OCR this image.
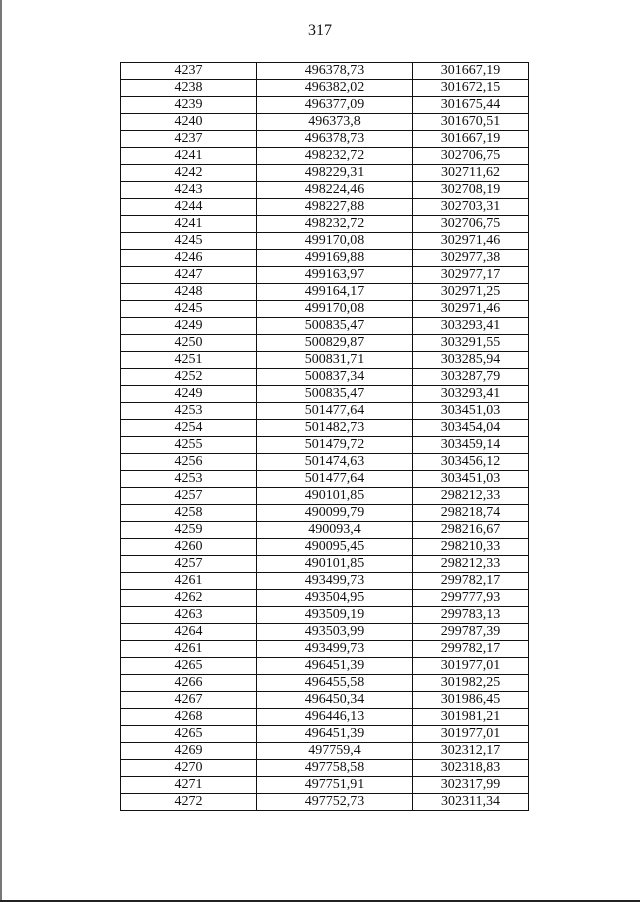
317
4237	496378,73	301667,19
4238	496382,02	301672,15
4239	496377,09	301675,44
4240	496373,8	301670,51
4237	496378,73	301667,19
4241	498232,72	302706,75
4242	498229,31	302711,62
4243	498224,46	302708,19
4244	498227,88	302703,31
4241	498232,72	302706,75
4245	499170,08	302971,46
4246	499169,88	302977,38
4247	499163,97	302977,17
4248	499164,17	302971,25
4245	499170,08	302971,46
4249	500835,47	303293,41
4250	500829,87	303291,55
4251	500831,71	303285,94
4252	500837,34	303287,79
4249	500835,47	303293,41
4253	501477,64	303451,03
4254	501482,73	303454,04
4255	501479,72	303459,14
4256	501474,63	303456,12
4253	501477,64	303451,03
4257	490101,85	298212,33
4258	490099,79	298218,74
4259	490093,4	298216,67
4260	490095,45	298210,33
4257	490101,85	298212,33
4261	493499,73	299782,17
4262	493504,95	299777,93
4263	493509,19	299783,13
4264	493503,99	299787,39
4261	493499,73	299782,17
4265	496451,39	301977,01
4266	496455,58	301982,25
4267	496450,34	301986,45
4268	496446,13	301981,21
4265	496451,39	301977,01
4269	497759,4	302312,17
4270	497758,58	302318,83
4271	497751,91	302317,99
4272	497752,73	302311,34
